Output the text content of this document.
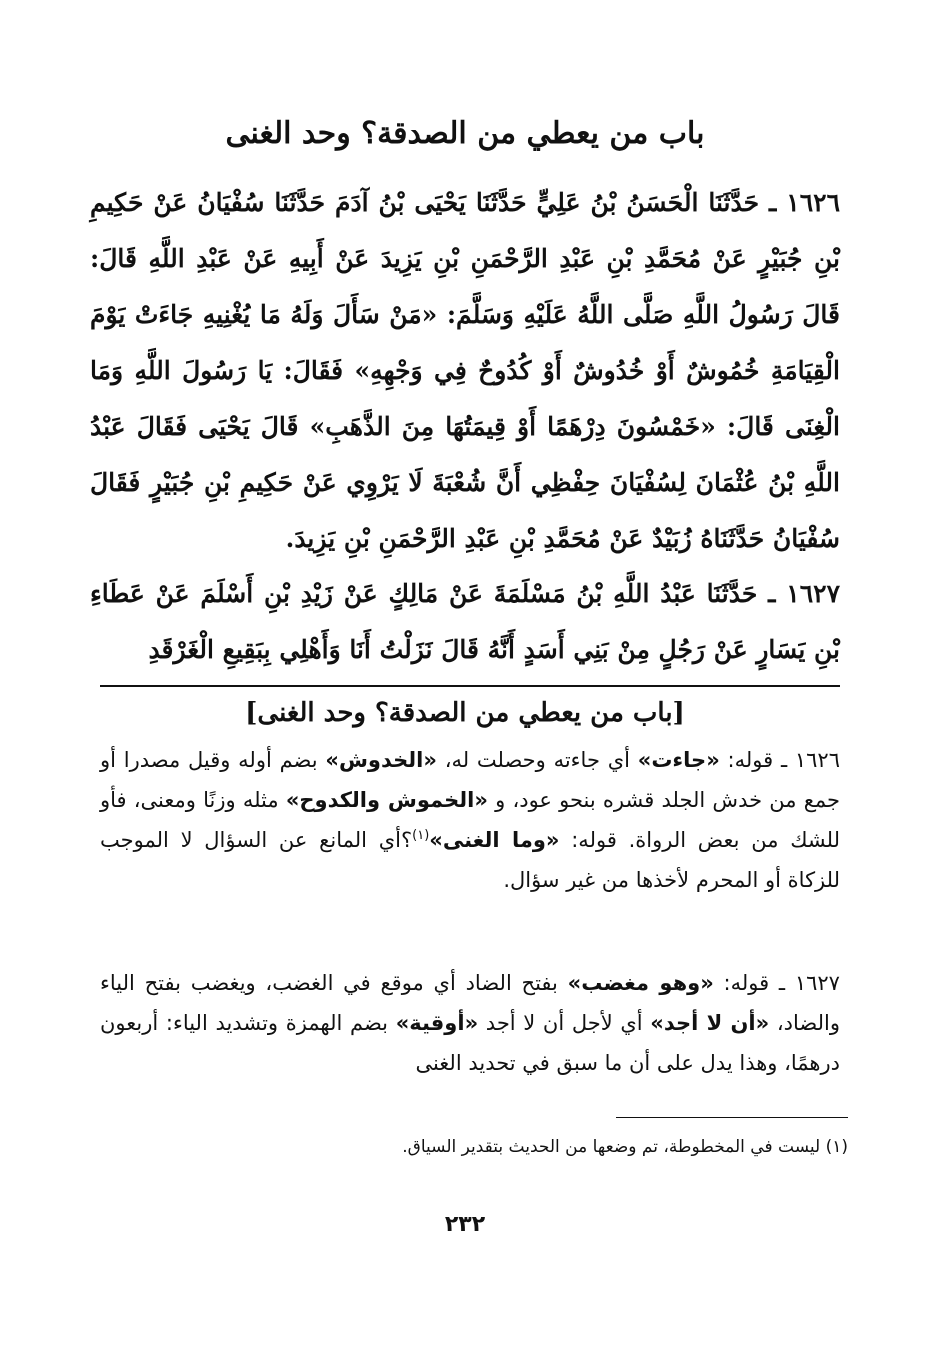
باب من يعطي من الصدقة؟ وحد الغنى

١٦٢٦ ـ حَدَّثَنَا الْحَسَنُ بْنُ عَلِيٍّ حَدَّثَنَا يَحْيَى بْنُ آدَمَ حَدَّثَنَا سُفْيَانُ عَنْ حَكِيمِ بْنِ جُبَيْرٍ عَنْ مُحَمَّدِ بْنِ عَبْدِ الرَّحْمَنِ بْنِ يَزِيدَ عَنْ أَبِيهِ عَنْ عَبْدِ اللَّهِ قَالَ: قَالَ رَسُولُ اللَّهِ صَلَّى اللَّهُ عَلَيْهِ وَسَلَّمَ: «مَنْ سَأَلَ وَلَهُ مَا يُغْنِيهِ جَاءَتْ يَوْمَ الْقِيَامَةِ خُمُوشٌ أَوْ خُدُوشٌ أَوْ كُدُوحٌ فِي وَجْهِهِ» فَقَالَ: يَا رَسُولَ اللَّهِ وَمَا الْغِنَى قَالَ: «خَمْسُونَ دِرْهَمًا أَوْ قِيمَتُهَا مِنَ الذَّهَبِ» قَالَ يَحْيَى فَقَالَ عَبْدُ اللَّهِ بْنُ عُثْمَانَ لِسُفْيَانَ حِفْظِي أَنَّ شُعْبَةَ لَا يَرْوِي عَنْ حَكِيمِ بْنِ جُبَيْرٍ فَقَالَ سُفْيَانُ حَدَّثَنَاهُ زُبَيْدٌ عَنْ مُحَمَّدِ بْنِ عَبْدِ الرَّحْمَنِ بْنِ يَزِيدَ.

١٦٢٧ ـ حَدَّثَنَا عَبْدُ اللَّهِ بْنُ مَسْلَمَةَ عَنْ مَالِكٍ عَنْ زَيْدِ بْنِ أَسْلَمَ عَنْ عَطَاءِ بْنِ يَسَارٍ عَنْ رَجُلٍ مِنْ بَنِي أَسَدٍ أَنَّهُ قَالَ نَزَلْتُ أَنَا وَأَهْلِي بِبَقِيعِ الْغَرْقَدِ

[باب من يعطي من الصدقة؟ وحد الغنى]

١٦٢٦ ـ قوله: «جاءت» أي جاءته وحصلت له، «الخدوش» بضم أوله وقيل مصدرا أو جمع من خدش الجلد قشره بنحو عود، و «الخموش والكدوح» مثله وزنًا ومعنى، فأو للشك من بعض الرواة. قوله: «وما الغنى»$^{(١)}$؟أي المانع عن السؤال لا الموجب للزكاة أو المحرم لأخذها من غير سؤال.

١٦٢٧ ـ قوله: «وهو مغضب» بفتح الضاد أي موقع في الغضب، ويغضب بفتح الياء والضاد، «أن لا أجد» أي لأجل أن لا أجد «أوقية» بضم الهمزة وتشديد الياء: أربعون درهمًا، وهذا يدل على أن ما سبق في تحديد الغنى

(١) ليست في المخطوطة، تم وضعها من الحديث بتقدير السياق.

٢٣٢
